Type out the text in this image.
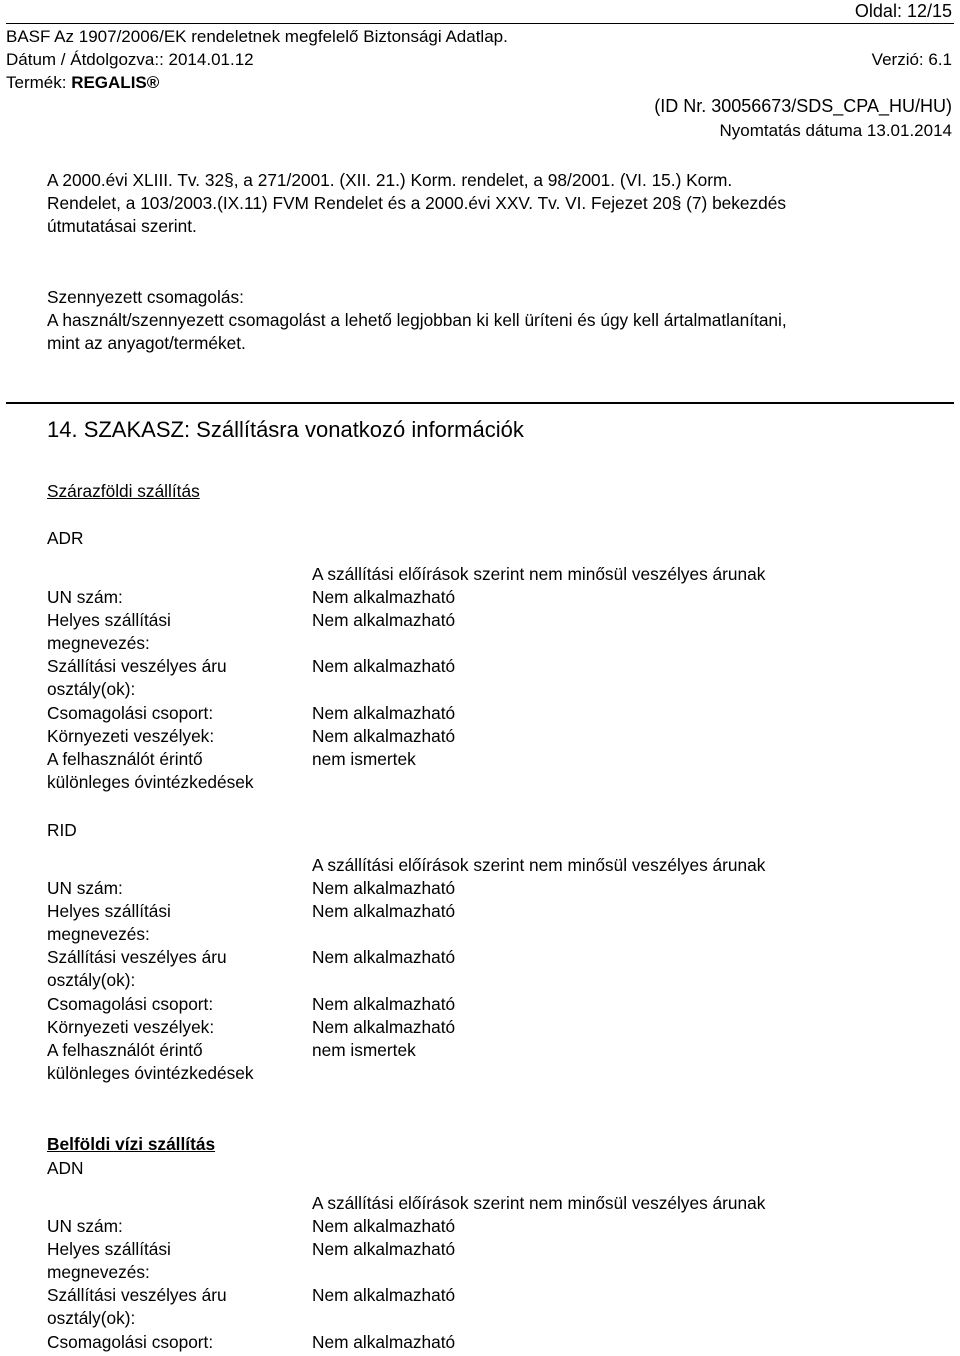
Oldal: 12/15
BASF Az 1907/2006/EK rendeletnek megfelelő Biztonsági Adatlap.
Dátum / Átdolgozva:: 2014.01.12	Verzió: 6.1
Termék: REGALIS®
(ID Nr. 30056673/SDS_CPA_HU/HU)
Nyomtatás dátuma 13.01.2014
A 2000.évi XLIII. Tv. 32§, a 271/2001. (XII. 21.) Korm. rendelet, a 98/2001. (VI. 15.) Korm.
Rendelet, a 103/2003.(IX.11) FVM Rendelet és a 2000.évi XXV. Tv. VI. Fejezet 20§ (7) bekezdés
útmutatásai szerint.
Szennyezett csomagolás:
A használt/szennyezett csomagolást a lehető legjobban ki kell üríteni és úgy kell ártalmatlanítani,
mint az anyagot/terméket.
14. SZAKASZ: Szállításra vonatkozó információk
Szárazföldi szállítás
ADR
A szállítási előírások szerint nem minősül veszélyes árunak
UN szám:
Helyes szállítási
megnevezés:
Szállítási veszélyes áru
osztály(ok):
Csomagolási csoport:
Környezeti veszélyek:
A felhasználót érintő
különleges óvintézkedések
Nem alkalmazható
Nem alkalmazható
Nem alkalmazható
Nem alkalmazható
Nem alkalmazható
nem ismertek
RID
A szállítási előírások szerint nem minősül veszélyes árunak
UN szám:
Helyes szállítási
megnevezés:
Szállítási veszélyes áru
osztály(ok):
Csomagolási csoport:
Környezeti veszélyek:
A felhasználót érintő
különleges óvintézkedések
Nem alkalmazható
Nem alkalmazható
Nem alkalmazható
Nem alkalmazható
Nem alkalmazható
nem ismertek
Belföldi vízi szállítás
ADN
A szállítási előírások szerint nem minősül veszélyes árunak
UN szám:
Helyes szállítási
megnevezés:
Szállítási veszélyes áru
osztály(ok):
Csomagolási csoport:
Nem alkalmazható
Nem alkalmazható
Nem alkalmazható
Nem alkalmazható
